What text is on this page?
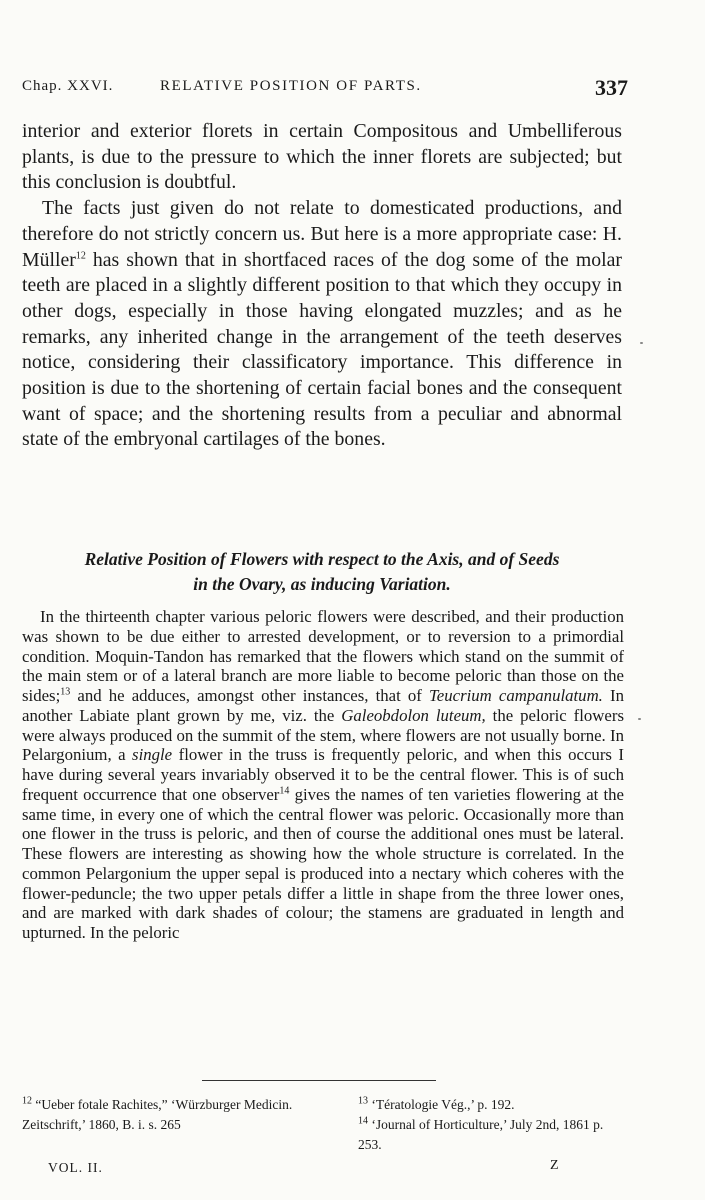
Chap. XXVI.	RELATIVE POSITION OF PARTS.	337

interior and exterior florets in certain Compositous and Umbelliferous plants, is due to the pressure to which the inner florets are subjected; but this conclusion is doubtful.

The facts just given do not relate to domesticated productions, and therefore do not strictly concern us. But here is a more appropriate case: H. Müller$^{12}$ has shown that in shortfaced races of the dog some of the molar teeth are placed in a slightly different position to that which they occupy in other dogs, especially in those having elongated muzzles; and as he remarks, any inherited change in the arrangement of the teeth deserves notice, considering their classificatory importance. This difference in position is due to the shortening of certain facial bones and the consequent want of space; and the shortening results from a peculiar and abnormal state of the embryonal cartilages of the bones.

Relative Position of Flowers with respect to the Axis, and of Seeds
in the Ovary, as inducing Variation.

In the thirteenth chapter various peloric flowers were described, and their production was shown to be due either to arrested development, or to reversion to a primordial condition. Moquin-Tandon has remarked that the flowers which stand on the summit of the main stem or of a lateral branch are more liable to become peloric than those on the sides;$^{13}$ and he adduces, amongst other instances, that of Teucrium campanulatum. In another Labiate plant grown by me, viz. the Galeobdolon luteum, the peloric flowers were always produced on the summit of the stem, where flowers are not usually borne. In Pelargonium, a single flower in the truss is frequently peloric, and when this occurs I have during several years invariably observed it to be the central flower. This is of such frequent occurrence that one observer$^{14}$ gives the names of ten varieties flowering at the same time, in every one of which the central flower was peloric. Occasionally more than one flower in the truss is peloric, and then of course the additional ones must be lateral. These flowers are interesting as showing how the whole structure is correlated. In the common Pelargonium the upper sepal is produced into a nectary which coheres with the flower-peduncle; the two upper petals differ a little in shape from the three lower ones, and are marked with dark shades of colour; the stamens are graduated in length and upturned. In the peloric

$^{12}$ “Ueber fotale Rachites,” ‘Würzburger Medicin. Zeitschrift,’ 1860, B. i. s. 265
$^{13}$ ‘Tératologie Vég.,’ p. 192.
$^{14}$ ‘Journal of Horticulture,’ July 2nd, 1861 p. 253.
VOL. II.	Z
